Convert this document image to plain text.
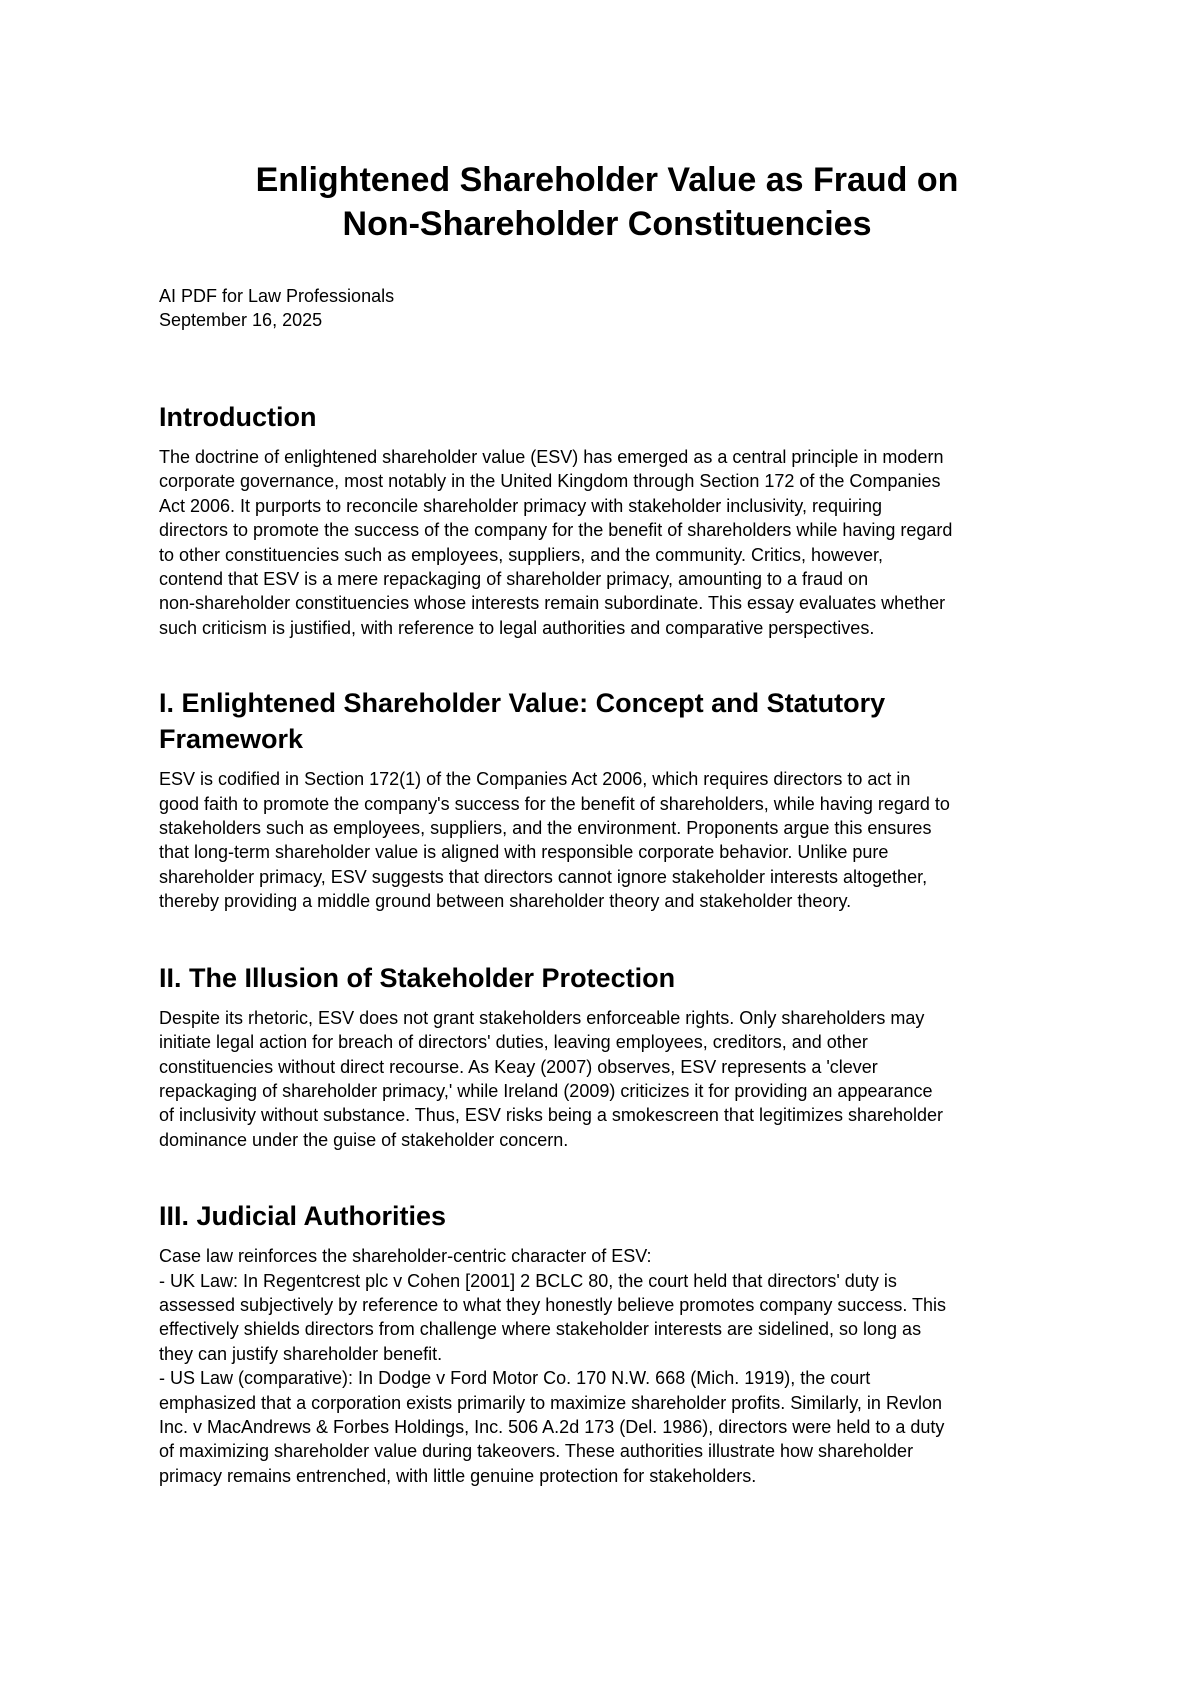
Enlightened Shareholder Value as Fraud on
Non-Shareholder Constituencies
AI PDF for Law Professionals
September 16, 2025
Introduction

The doctrine of enlightened shareholder value (ESV) has emerged as a central principle in modern
corporate governance, most notably in the United Kingdom through Section 172 of the Companies
Act 2006. It purports to reconcile shareholder primacy with stakeholder inclusivity, requiring
directors to promote the success of the company for the benefit of shareholders while having regard
to other constituencies such as employees, suppliers, and the community. Critics, however,
contend that ESV is a mere repackaging of shareholder primacy, amounting to a fraud on
non-shareholder constituencies whose interests remain subordinate. This essay evaluates whether
such criticism is justified, with reference to legal authorities and comparative perspectives.

I. Enlightened Shareholder Value: Concept and Statutory
Framework

ESV is codified in Section 172(1) of the Companies Act 2006, which requires directors to act in
good faith to promote the company's success for the benefit of shareholders, while having regard to
stakeholders such as employees, suppliers, and the environment. Proponents argue this ensures
that long-term shareholder value is aligned with responsible corporate behavior. Unlike pure
shareholder primacy, ESV suggests that directors cannot ignore stakeholder interests altogether,
thereby providing a middle ground between shareholder theory and stakeholder theory.

II. The Illusion of Stakeholder Protection

Despite its rhetoric, ESV does not grant stakeholders enforceable rights. Only shareholders may
initiate legal action for breach of directors' duties, leaving employees, creditors, and other
constituencies without direct recourse. As Keay (2007) observes, ESV represents a 'clever
repackaging of shareholder primacy,' while Ireland (2009) criticizes it for providing an appearance
of inclusivity without substance. Thus, ESV risks being a smokescreen that legitimizes shareholder
dominance under the guise of stakeholder concern.

III. Judicial Authorities

Case law reinforces the shareholder-centric character of ESV:
- UK Law: In Regentcrest plc v Cohen [2001] 2 BCLC 80, the court held that directors' duty is
assessed subjectively by reference to what they honestly believe promotes company success. This
effectively shields directors from challenge where stakeholder interests are sidelined, so long as
they can justify shareholder benefit.
- US Law (comparative): In Dodge v Ford Motor Co. 170 N.W. 668 (Mich. 1919), the court
emphasized that a corporation exists primarily to maximize shareholder profits. Similarly, in Revlon
Inc. v MacAndrews & Forbes Holdings, Inc. 506 A.2d 173 (Del. 1986), directors were held to a duty
of maximizing shareholder value during takeovers. These authorities illustrate how shareholder
primacy remains entrenched, with little genuine protection for stakeholders.
